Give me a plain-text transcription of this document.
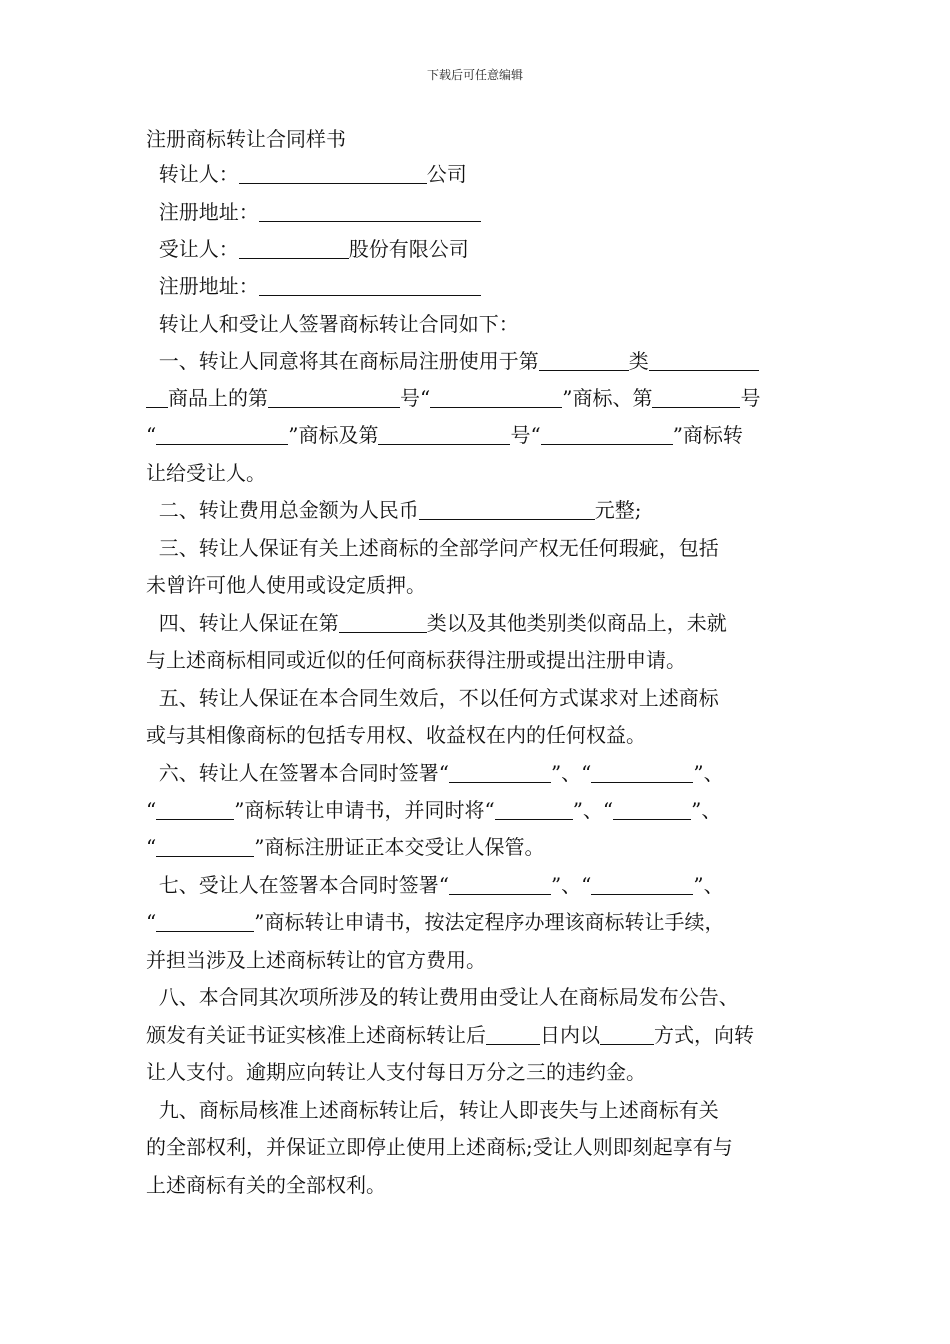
下载后可任意编辑
注册商标转让合同样书
转让人：	公司
注册地址：
受让人：	股份有限公司
注册地址：
转让人和受让人签署商标转让合同如下：
一、转让人同意将其在商标局注册使用于第	类
商品上的第	号“	”商标、第	号
“	”商标及第	号“	”商标转
让给受让人。
二、转让费用总金额为人民币	元整;
三、转让人保证有关上述商标的全部学问产权无任何瑕疵，包括
未曾许可他人使用或设定质押。
四、转让人保证在第	类以及其他类别类似商品上，未就
与上述商标相同或近似的任何商标获得注册或提出注册申请。
五、转让人保证在本合同生效后，不以任何方式谋求对上述商标
或与其相像商标的包括专用权、收益权在内的任何权益。
六、转让人在签署本合同时签署“	”、“	”、
“	”商标转让申请书，并同时将“	”、“	”、
“	”商标注册证正本交受让人保管。
七、受让人在签署本合同时签署“	”、“	”、
“	”商标转让申请书，按法定程序办理该商标转让手续，
并担当涉及上述商标转让的官方费用。
八、本合同其次项所涉及的转让费用由受让人在商标局发布公告、
颁发有关证书证实核准上述商标转让后	日内以	方式，向转
让人支付。逾期应向转让人支付每日万分之三的违约金。
九、商标局核准上述商标转让后，转让人即丧失与上述商标有关
的全部权利，并保证立即停止使用上述商标;受让人则即刻起享有与
上述商标有关的全部权利。
